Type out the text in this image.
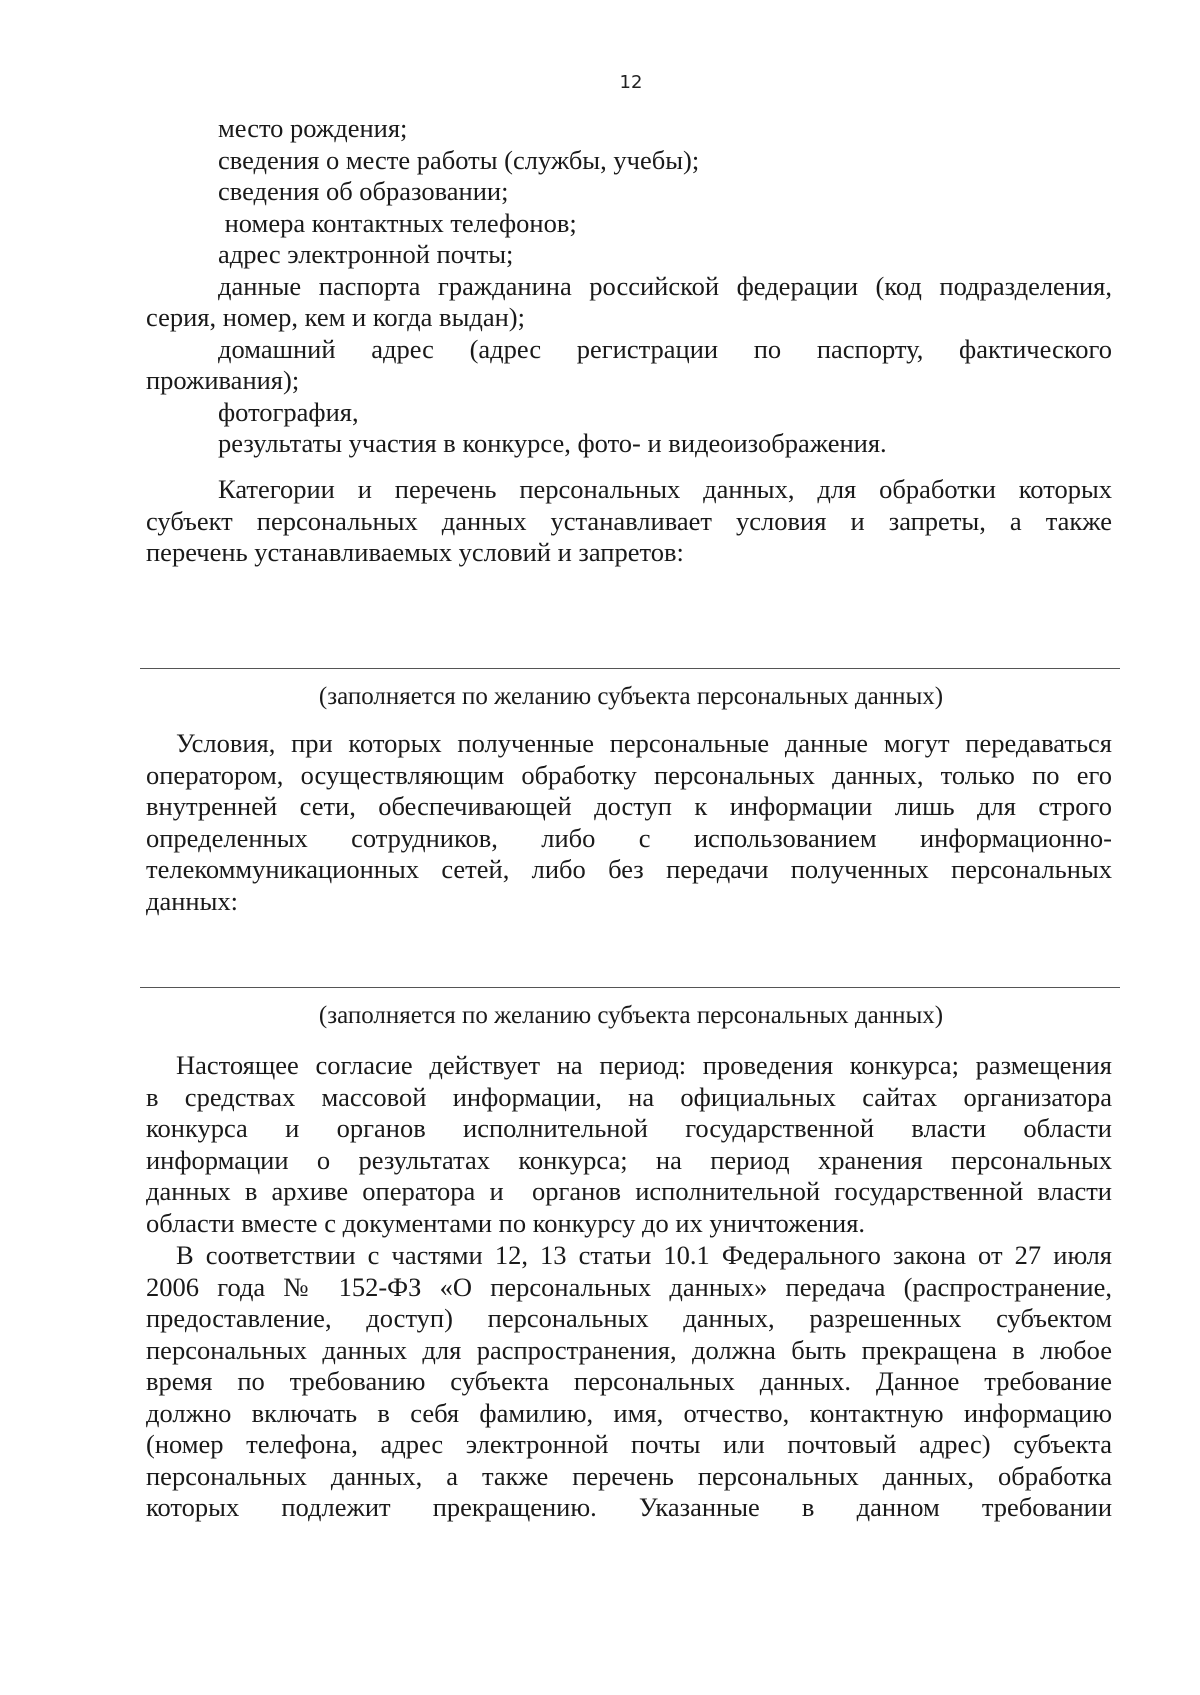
12
место рождения;
сведения о месте работы (службы, учебы);
сведения об образовании;
номера контактных телефонов;
адрес электронной почты;
данные паспорта гражданина российской федерации (код подразделения,
серия, номер, кем и когда выдан);
домашний адрес (адрес регистрации по паспорту, фактического
проживания);
фотография,
результаты участия в конкурсе, фото- и видеоизображения.
Категории и перечень персональных данных, для обработки которых
субъект персональных данных устанавливает условия и запреты, а также
перечень устанавливаемых условий и запретов:
(заполняется по желанию субъекта персональных данных)
Условия, при которых полученные персональные данные могут передаваться
оператором, осуществляющим обработку персональных данных, только по его
внутренней сети, обеспечивающей доступ к информации лишь для строго
определенных сотрудников, либо с использованием информационно-
телекоммуникационных сетей, либо без передачи полученных персональных
данных:
(заполняется по желанию субъекта персональных данных)
Настоящее согласие действует на период: проведения конкурса; размещения
в средствах массовой информации, на официальных сайтах организатора
конкурса и органов исполнительной государственной власти области
информации о результатах конкурса; на период хранения персональных
данных в архиве оператора и  органов исполнительной государственной власти
области вместе с документами по конкурсу до их уничтожения.
В соответствии с частями 12, 13 статьи 10.1 Федерального закона от 27 июля
2006 года № 152-ФЗ «О персональных данных» передача (распространение,
предоставление, доступ) персональных данных, разрешенных субъектом
персональных данных для распространения, должна быть прекращена в любое
время по требованию субъекта персональных данных. Данное требование
должно включать в себя фамилию, имя, отчество, контактную информацию
(номер телефона, адрес электронной почты или почтовый адрес) субъекта
персональных данных, а также перечень персональных данных, обработка
которых подлежит прекращению. Указанные в данном требовании
